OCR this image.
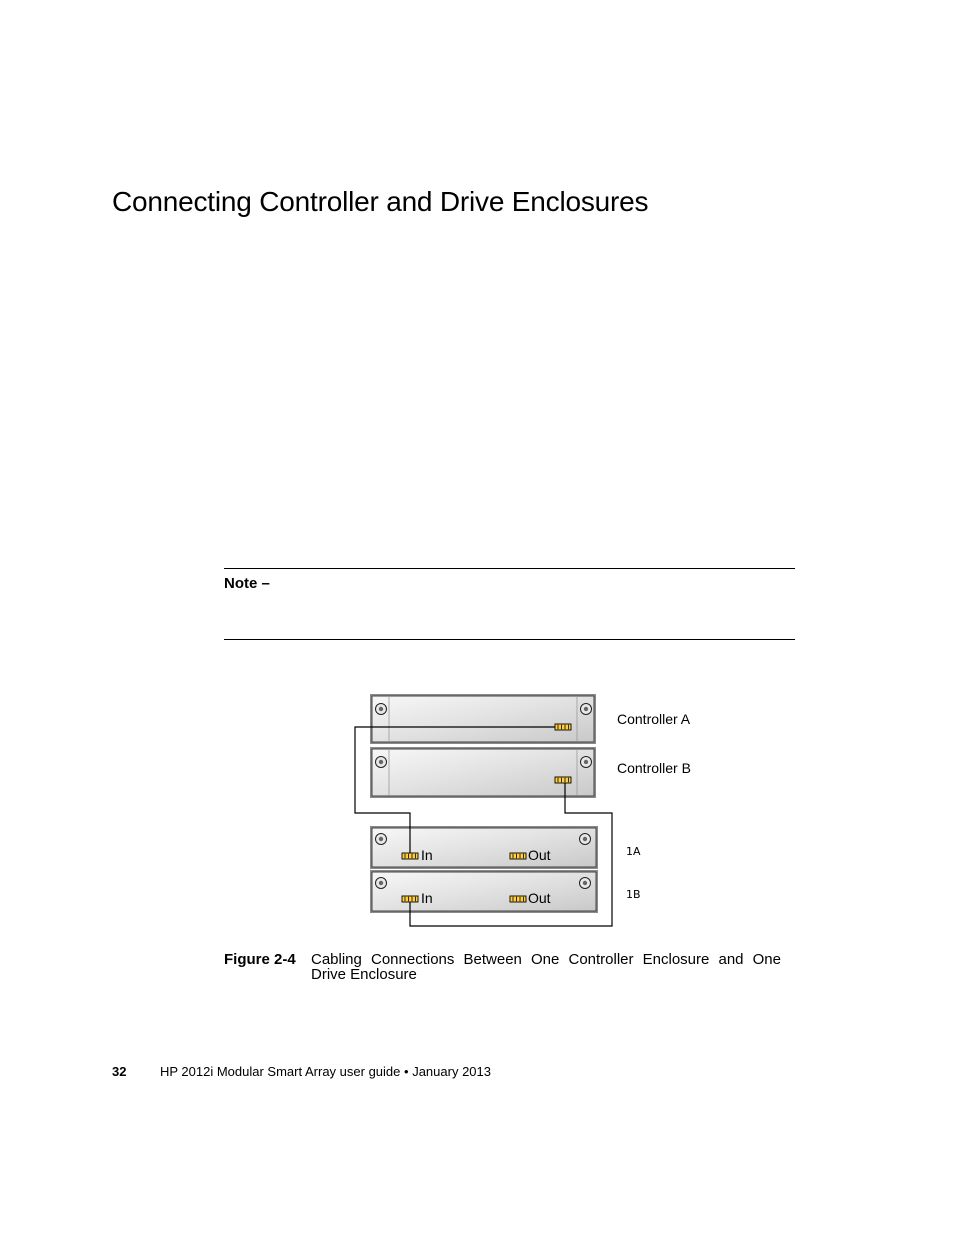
Connecting Controller and Drive Enclosures
Note –
Controller A
Controller B
1A
1B
In	Out
In	Out
Figure 2-4 Cabling Connections Between One Controller Enclosure and One Drive Enclosure
32	HP 2012i Modular Smart Array user guide • January 2013
